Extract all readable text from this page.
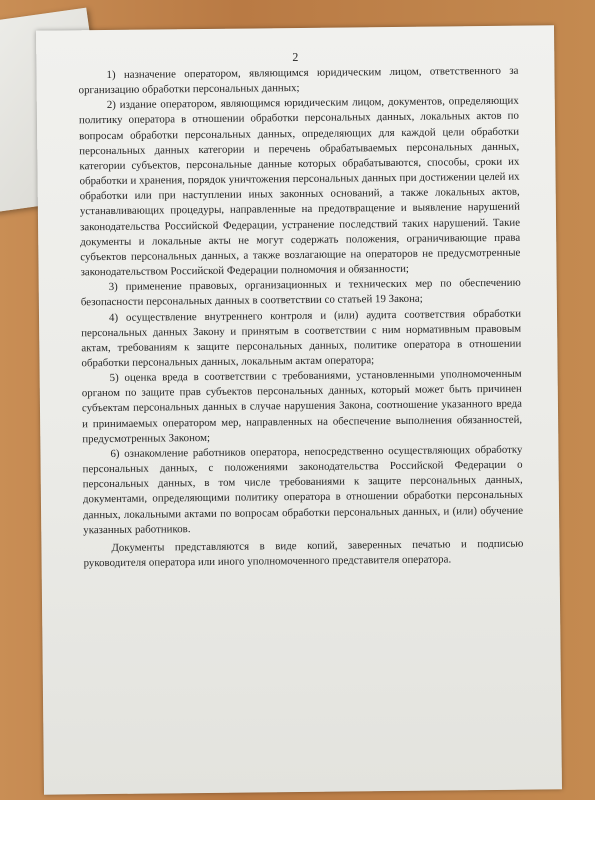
2

1) назначение оператором, являющимся юридическим лицом, ответственного за организацию обработки персональных данных;

2) издание оператором, являющимся юридическим лицом, документов, определяющих политику оператора в отношении обработки персональных данных, локальных актов по вопросам обработки персональных данных, определяющих для каждой цели обработки персональных данных категории и перечень обрабатываемых персональных данных, категории субъектов, персональные данные которых обрабатываются, способы, сроки их обработки и хранения, порядок уничтожения персональных данных при достижении целей их обработки или при наступлении иных законных оснований, а также локальных актов, устанавливающих процедуры, направленные на предотвращение и выявление нарушений законодательства Российской Федерации, устранение последствий таких нарушений. Такие документы и локальные акты не могут содержать положения, ограничивающие права субъектов персональных данных, а также возлагающие на операторов не предусмотренные законодательством Российской Федерации полномочия и обязанности;

3) применение правовых, организационных и технических мер по обеспечению безопасности персональных данных в соответствии со статьей 19 Закона;

4) осуществление внутреннего контроля и (или) аудита соответствия обработки персональных данных Закону и принятым в соответствии с ним нормативным правовым актам, требованиям к защите персональных данных, политике оператора в отношении обработки персональных данных, локальным актам оператора;

5) оценка вреда в соответствии с требованиями, установленными уполномоченным органом по защите прав субъектов персональных данных, который может быть причинен субъектам персональных данных в случае нарушения Закона, соотношение указанного вреда и принимаемых оператором мер, направленных на обеспечение выполнения обязанностей, предусмотренных Законом;

6) ознакомление работников оператора, непосредственно осуществляющих обработку персональных данных, с положениями законодательства Российской Федерации о персональных данных, в том числе требованиями к защите персональных данных, документами, определяющими политику оператора в отношении обработки персональных данных, локальными актами по вопросам обработки персональных данных, и (или) обучение указанных работников.

Документы представляются в виде копий, заверенных печатью и подписью руководителя оператора или иного уполномоченного представителя оператора.
